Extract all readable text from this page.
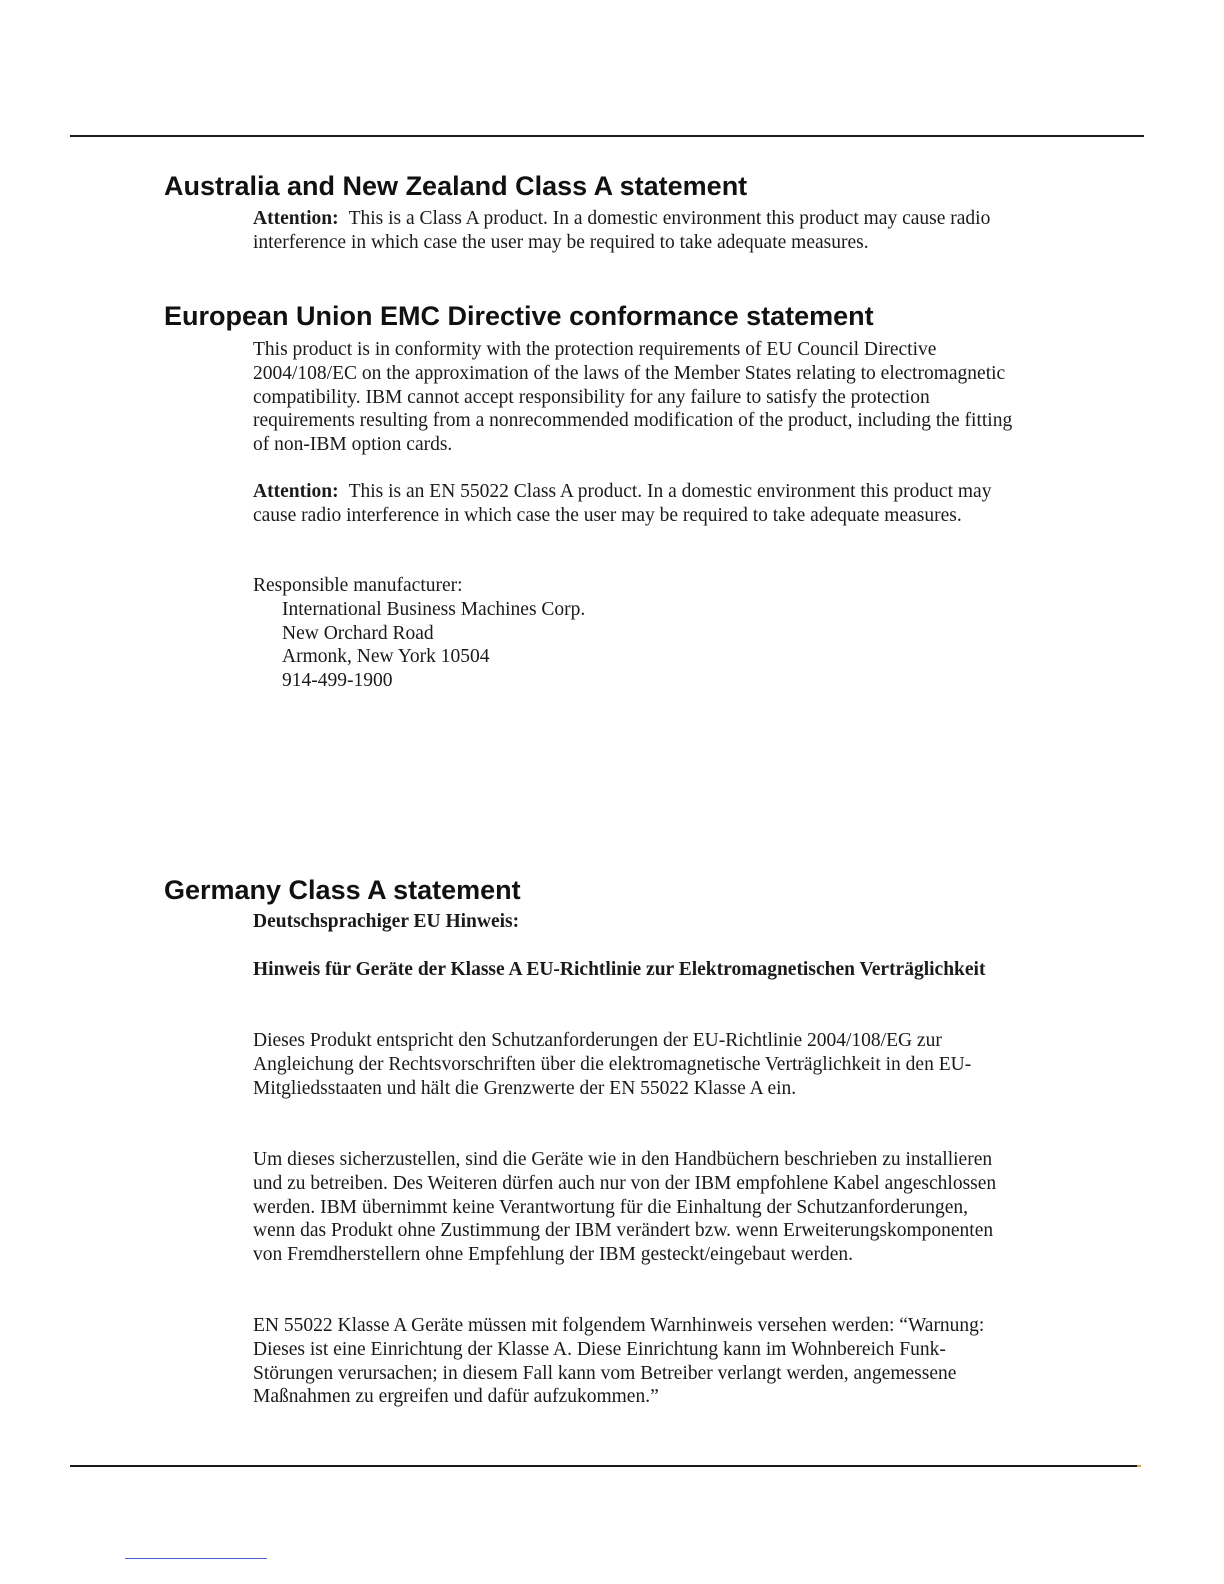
Australia and New Zealand Class A statement

Attention: This is a Class A product. In a domestic environment this product may cause radio interference in which case the user may be required to take adequate measures.

European Union EMC Directive conformance statement

This product is in conformity with the protection requirements of EU Council Directive 2004/108/EC on the approximation of the laws of the Member States relating to electromagnetic compatibility. IBM cannot accept responsibility for any failure to satisfy the protection requirements resulting from a nonrecommended modification of the product, including the fitting of non-IBM option cards.

Attention: This is an EN 55022 Class A product. In a domestic environment this product may cause radio interference in which case the user may be required to take adequate measures.

Responsible manufacturer:
International Business Machines Corp.
New Orchard Road
Armonk, New York 10504
914-499-1900
Germany Class A statement

Deutschsprachiger EU Hinweis:

Hinweis für Geräte der Klasse A EU-Richtlinie zur Elektromagnetischen Verträglichkeit

Dieses Produkt entspricht den Schutzanforderungen der EU-Richtlinie 2004/108/EG zur Angleichung der Rechtsvorschriften über die elektromagnetische Verträglichkeit in den EU-Mitgliedsstaaten und hält die Grenzwerte der EN 55022 Klasse A ein.

Um dieses sicherzustellen, sind die Geräte wie in den Handbüchern beschrieben zu installieren und zu betreiben. Des Weiteren dürfen auch nur von der IBM empfohlene Kabel angeschlossen werden. IBM übernimmt keine Verantwortung für die Einhaltung der Schutzanforderungen, wenn das Produkt ohne Zustimmung der IBM verändert bzw. wenn Erweiterungskomponenten von Fremdherstellern ohne Empfehlung der IBM gesteckt/eingebaut werden.

EN 55022 Klasse A Geräte müssen mit folgendem Warnhinweis versehen werden: “Warnung: Dieses ist eine Einrichtung der Klasse A. Diese Einrichtung kann im Wohnbereich Funk-Störungen verursachen; in diesem Fall kann vom Betreiber verlangt werden, angemessene Maßnahmen zu ergreifen und dafür aufzukommen.”
